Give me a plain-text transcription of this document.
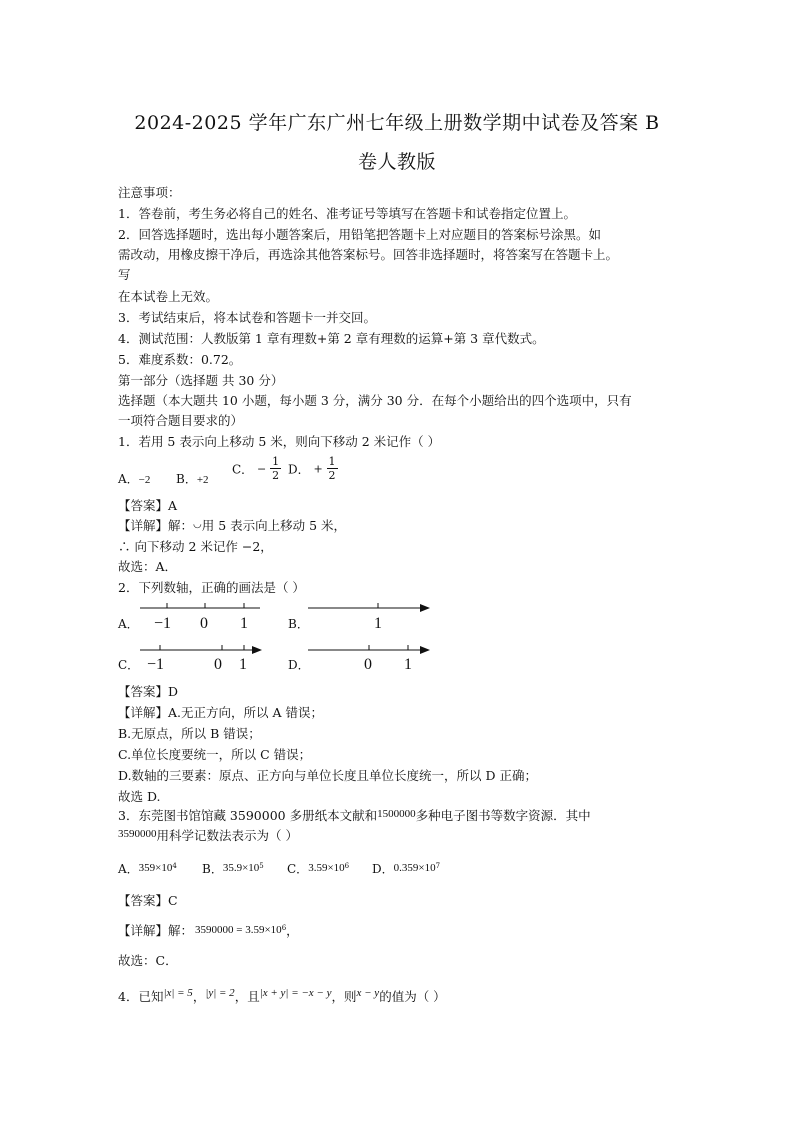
2024-2025 学年广东广州七年级上册数学期中试卷及答案 B
卷人教版
注意事项：
1．答卷前，考生务必将自己的姓名、准考证号等填写在答题卡和试卷指定位置上。
2．回答选择题时，选出每小题答案后，用铅笔把答题卡上对应题目的答案标号涂黑。如
需改动，用橡皮擦干净后，再选涂其他答案标号。回答非选择题时，将答案写在答题卡上。
写
在本试卷上无效。
3．考试结束后，将本试卷和答题卡一并交回。
4．测试范围：人教版第 1 章有理数+第 2 章有理数的运算+第 3 章代数式。
5．难度系数：0.72。
第一部分（选择题 共 30 分）
选择题（本大题共 10 小题，每小题 3 分，满分 30 分．在每个小题给出的四个选项中，只有
一项符合题目要求的）
1．若用 5 表示向上移动 5 米，则向下移动 2 米记作（ ）
A．−2 B．+2
C． − $\frac{1}{2}$ D． + $\frac{1}{2}$
【答案】A
【详解】解：◡用 5 表示向上移动 5 米，
∴ 向下移动 2 米记作 −2，
故选：A．
2．下列数轴，正确的画法是（ ）
A． −1 0 1	B．	1
C． −1	0 1	D．	0 1
【答案】D
【详解】A.无正方向，所以 A 错误；
B.无原点，所以 B 错误；
C.单位长度要统一，所以 C 错误；
D.数轴的三要素：原点、正方向与单位长度且单位长度统一，所以 D 正确；
故选 D.
3．东莞图书馆馆藏 3590000 多册纸本文献和1500000多种电子图书等数字资源．其中
3590000用科学记数法表示为（ ）
A．$359\times 10^4$ B．$35.9\times 10^5$ C．$3.59\times 10^6$ D．$0.359\times 10^7$
【答案】C
【详解】解： $3590000 = 3.59\times 10^6$，
故选：C．
4．已知|x| = 5，|y| = 2，且|x + y| = −x − y，则x − y的值为（ ）
